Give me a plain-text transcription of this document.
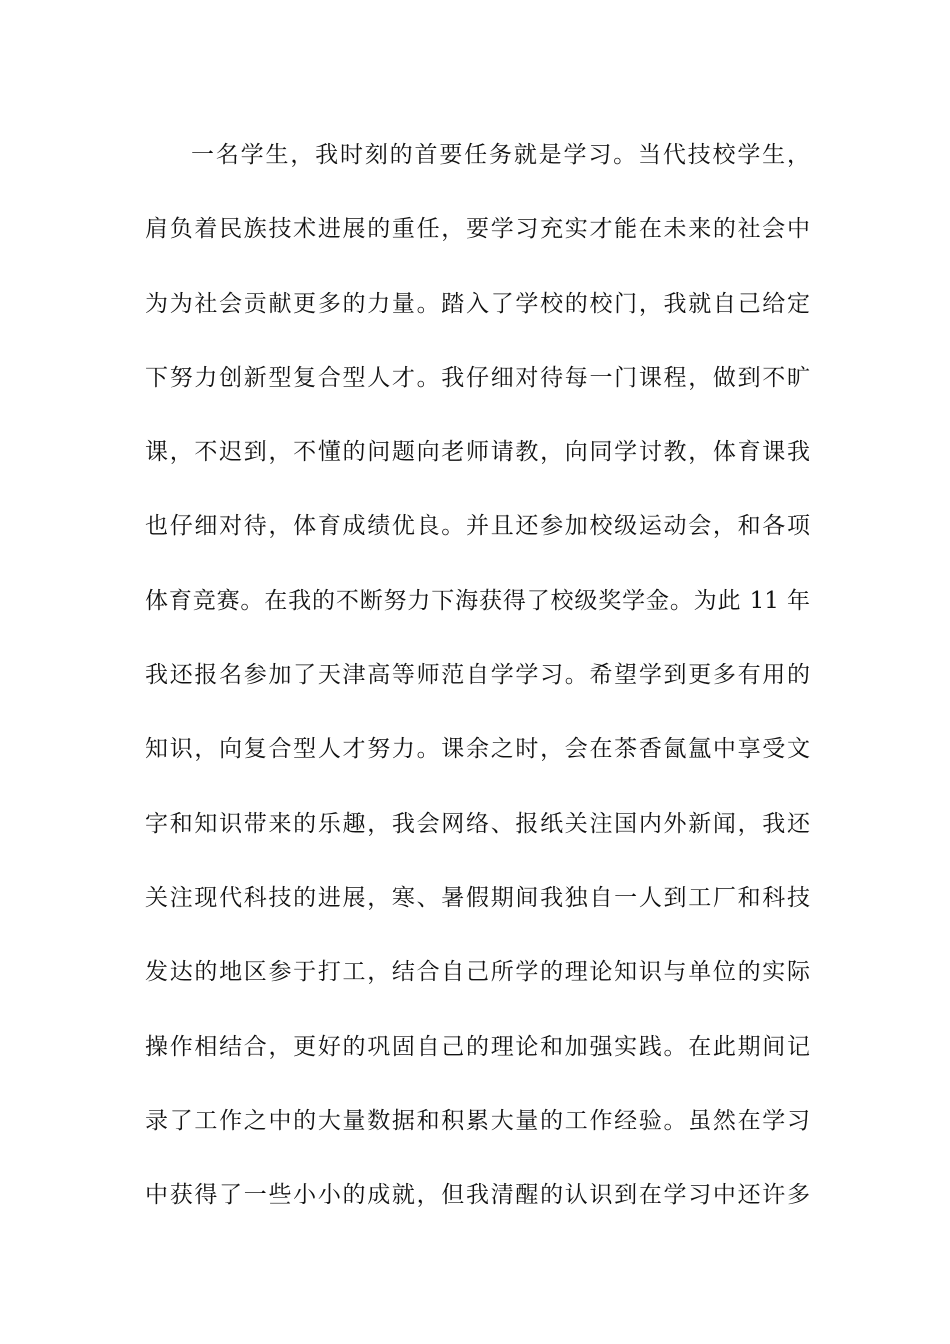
一名学生，我时刻的首要任务就是学习。当代技校学生，
肩负着民族技术进展的重任，要学习充实才能在未来的社会中
为为社会贡献更多的力量。踏入了学校的校门，我就自己给定
下努力创新型复合型人才。我仔细对待每一门课程，做到不旷
课，不迟到，不懂的问题向老师请教，向同学讨教，体育课我
也仔细对待，体育成绩优良。并且还参加校级运动会，和各项
体育竞赛。在我的不断努力下海获得了校级奖学金。为此 11 年
我还报名参加了天津高等师范自学学习。希望学到更多有用的
知识，向复合型人才努力。课余之时，会在茶香氤氲中享受文
字和知识带来的乐趣，我会网络、报纸关注国内外新闻，我还
关注现代科技的进展，寒、暑假期间我独自一人到工厂和科技
发达的地区参于打工，结合自己所学的理论知识与单位的实际
操作相结合，更好的巩固自己的理论和加强实践。在此期间记
录了工作之中的大量数据和积累大量的工作经验。虽然在学习
中获得了一些小小的成就，但我清醒的认识到在学习中还许多
